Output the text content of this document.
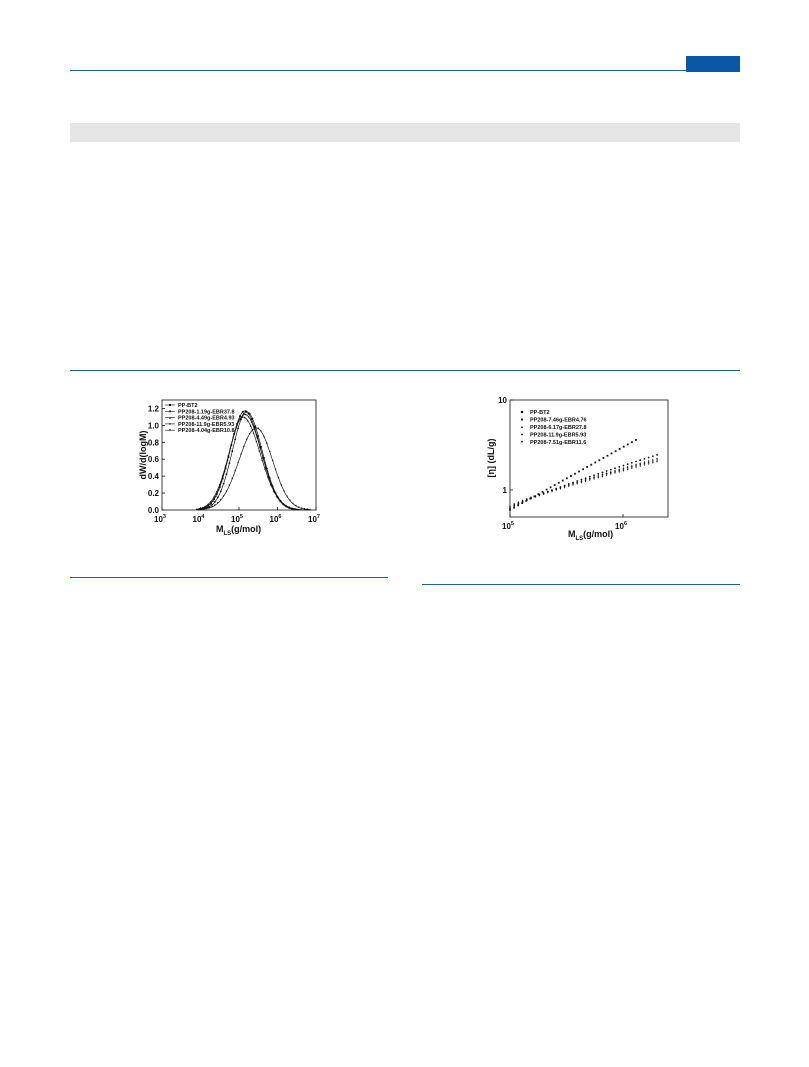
$10^3$	$10^4$	$10^5$	$10^6$	$10^7$
0.0
0.2
0.4
0.6
0.8
1.0
1.2	PP-BT2
PP208-1.19g-EBR37.8
PP208-4.49g-EBR4.93
PP208-11.9g-EBR5.93
PP208-4.04g-EBR10.8
$M_{LS}(g/mol)$
dW/d(logM)
$10^5$	$10^6$
1
10
PP-BT2
PP208-7.46g-EBR4.76
PP208-6.17g-EBR27.8
PP208-11.9g-EBR5.93
PP208-7.51g-EBR11.6
$M_{LS}(g/mol)$
[η] (dL/g)
